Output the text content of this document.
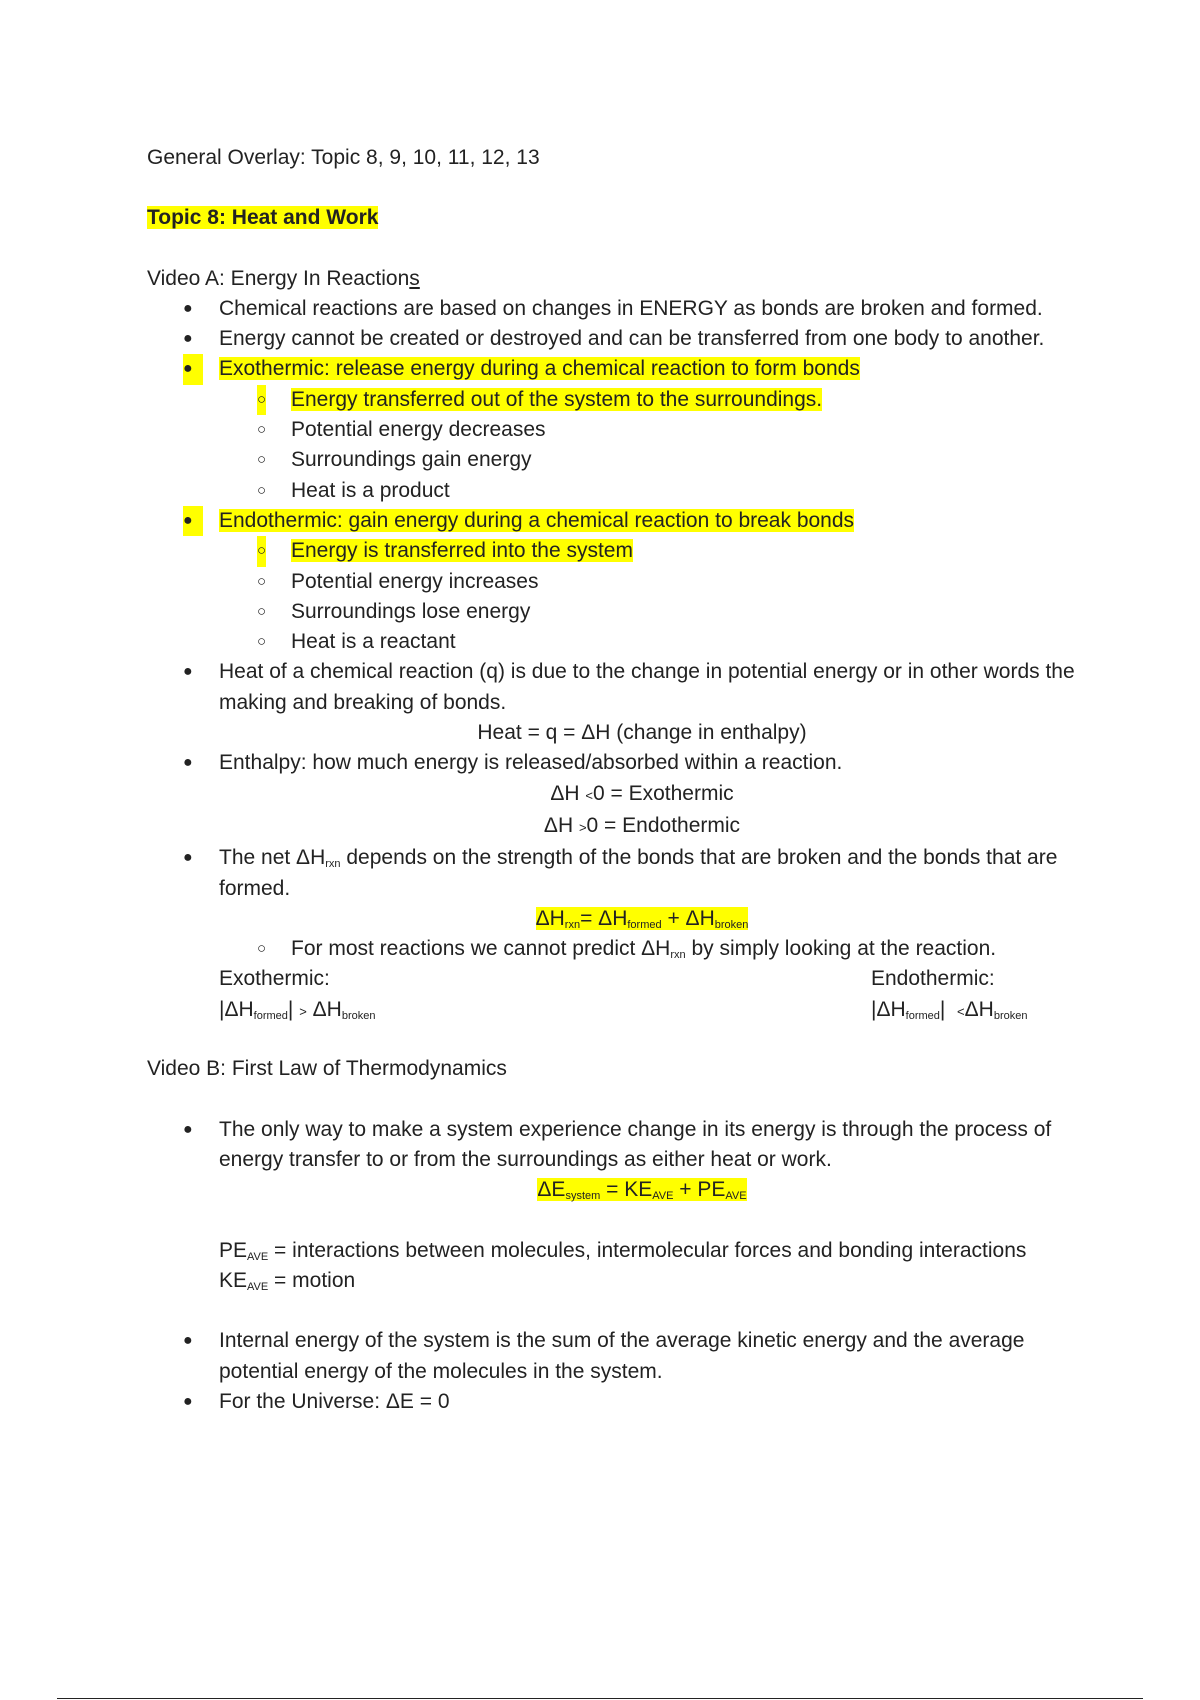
General Overlay: Topic 8, 9, 10, 11, 12, 13

Topic 8: Heat and Work

Video A: Energy In Reactions

●	Chemical reactions are based on changes in ENERGY as bonds are broken and formed.
●	Energy cannot be created or destroyed and can be transferred from one body to another.
●	Exothermic: release energy during a chemical reaction to form bonds
○ Energy transferred out of the system to the surroundings.
○ Potential energy decreases
○ Surroundings gain energy
○ Heat is a product
●	Endothermic: gain energy during a chemical reaction to break bonds
○ Energy is transferred into the system
○ Potential energy increases
○ Surroundings lose energy
○ Heat is a reactant
●	Heat of a chemical reaction (q) is due to the change in potential energy or in other words the making and breaking of bonds.
Heat = q = ΔH (change in enthalpy)
●	Enthalpy: how much energy is released/absorbed within a reaction.
ΔH <0 = Exothermic
ΔH >0 = Endothermic
●	The net $\Delta H_{rxn}$ depends on the strength of the bonds that are broken and the bonds that are formed.
$\Delta H_{rxn}= \Delta H_{formed} + \Delta H_{broken}$
○ For most reactions we cannot predict $\Delta H_{rxn}$ by simply looking at the reaction.
Exothermic:
$|\Delta H_{formed}| > \Delta H_{broken}$
Endothermic:
$|\Delta H_{formed}| <\Delta H_{broken}$

Video B: First Law of Thermodynamics

●	The only way to make a system experience change in its energy is through the process of energy transfer to or from the surroundings as either heat or work.
$\Delta E_{system} = KE_{AVE} + PE_{AVE}$
$PE_{AVE}$ = interactions between molecules, intermolecular forces and bonding interactions
$KE_{AVE}$ = motion
●	Internal energy of the system is the sum of the average kinetic energy and the average potential energy of the molecules in the system.
●	For the Universe: ΔE = 0
